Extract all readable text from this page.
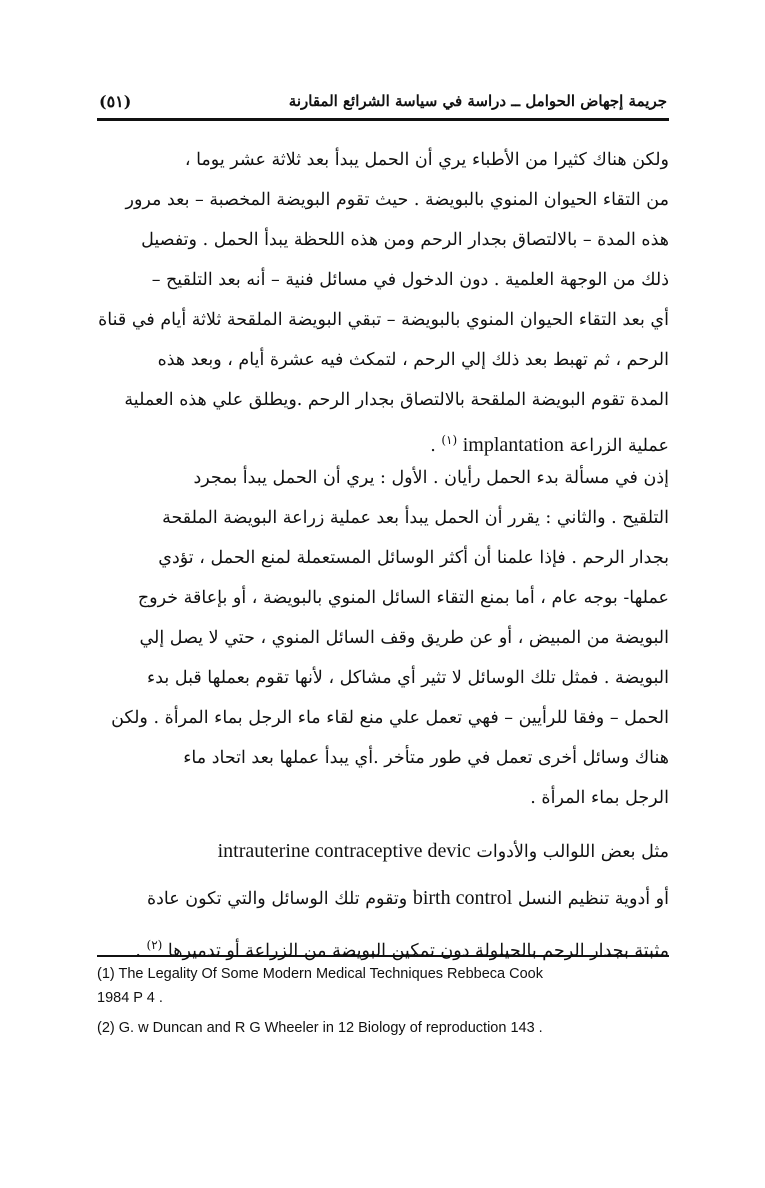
جريمة إجهاض الحوامل ــ دراسة في سياسة الشرائع المقارنة
(٥١)
ولكن هناك كثيرا من الأطباء يري أن الحمل يبدأ بعد ثلاثة عشر يوما ،
من التقاء الحيوان المنوي بالبويضة . حيث تقوم البويضة المخصبة – بعد مرور
هذه المدة – بالالتصاق بجدار الرحم ومن هذه اللحظة يبدأ الحمل . وتفصيل
ذلك من الوجهة العلمية . دون الدخول في مسائل فنية – أنه بعد التلقيح –
أي بعد التقاء الحيوان المنوي بالبويضة – تبقي البويضة الملقحة ثلاثة أيام في قناة
الرحم ، ثم تهبط بعد ذلك إلي الرحم ، لتمكث فيه عشرة أيام ، وبعد هذه
المدة تقوم البويضة الملقحة بالالتصاق بجدار الرحم .ويطلق علي هذه العملية
عملية الزراعة implantation $^{(١)}$ .
إذن في مسألة بدء الحمل رأيان . الأول : يري أن الحمل يبدأ بمجرد
التلقيح . والثاني : يقرر أن الحمل يبدأ بعد عملية زراعة البويضة الملقحة
بجدار الرحم . فإذا علمنا أن أكثر الوسائل المستعملة لمنع الحمل ، تؤدي
عملها- بوجه عام ، أما بمنع التقاء السائل المنوي بالبويضة ، أو بإعاقة خروج
البويضة من المبيض ، أو عن طريق وقف السائل المنوي ، حتي لا يصل إلي
البويضة . فمثل تلك الوسائل لا تثير أي مشاكل ، لأنها تقوم بعملها قبل بدء
الحمل – وفقا للرأيين – فهي تعمل علي منع لقاء ماء الرجل بماء المرأة . ولكن
هناك وسائل أخرى تعمل في طور متأخر .أي يبدأ عملها بعد اتحاد ماء
الرجل بماء المرأة .
مثل بعض اللوالب والأدوات intrauterine contraceptive devic
أو أدوية تنظيم النسل birth control وتقوم تلك الوسائل والتي تكون عادة
مثبتة بجدار الرحم بالحيلولة دون تمكين البويضة من الزراعة أو تدميرها $^{(٢)}$ .

(1) The Legality Of Some Modern Medical Techniques Rebbeca Cook
1984 P 4 .

(2) G. w Duncan and R G Wheeler in 12 Biology of reproduction 143 .
